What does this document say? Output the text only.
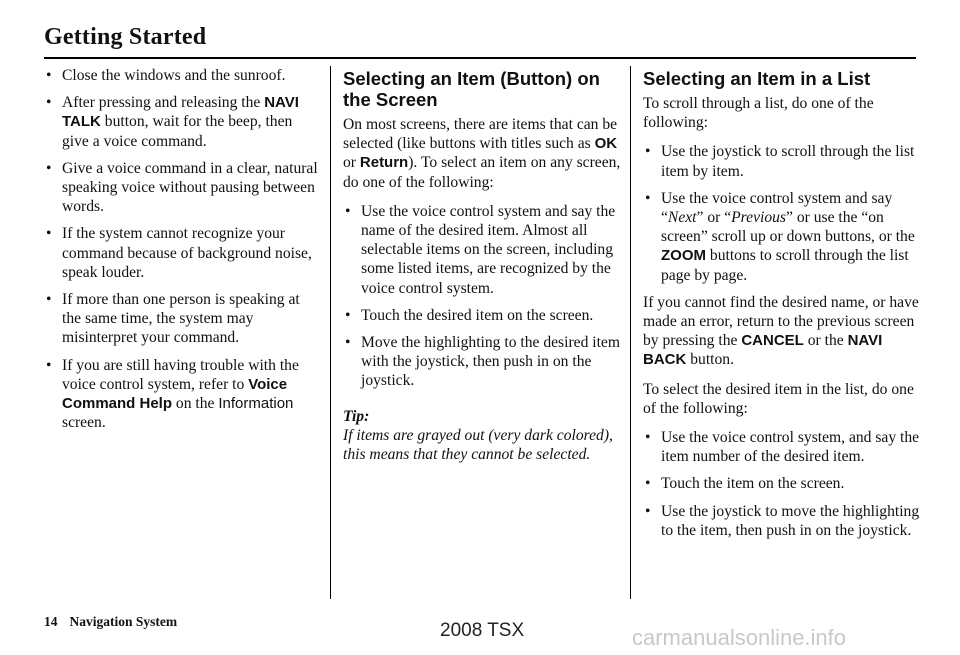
Getting Started
• Close the windows and the sunroof.
• After pressing and releasing the NAVI TALK button, wait for the beep, then give a voice command.
• Give a voice command in a clear, natural speaking voice without pausing between words.
• If the system cannot recognize your command because of background noise, speak louder.
• If more than one person is speaking at the same time, the system may misinterpret your command.
• If you are still having trouble with the voice control system, refer to Voice Command Help on the Information screen.
Selecting an Item (Button) on the Screen

On most screens, there are items that can be selected (like buttons with titles such as OK or Return). To select an item on any screen, do one of the following:

• Use the voice control system and say the name of the desired item. Almost all selectable items on the screen, including some listed items, are recognized by the voice control system.
• Touch the desired item on the screen.
• Move the highlighting to the desired item with the joystick, then push in on the joystick.

Tip:

If items are grayed out (very dark colored), this means that they cannot be selected.

Selecting an Item in a List

To scroll through a list, do one of the following:

• Use the joystick to scroll through the list item by item.
• Use the voice control system and say “Next” or “Previous” or use the “on screen” scroll up or down buttons, or the ZOOM buttons to scroll through the list page by page.

If you cannot find the desired name, or have made an error, return to the previous screen by pressing the CANCEL or the NAVI BACK button.

To select the desired item in the list, do one of the following:

• Use the voice control system, and say the item number of the desired item.
• Touch the item on the screen.
• Use the joystick to move the highlighting to the item, then push in on the joystick.
14 Navigation System	2008 TSX	carmanualsonline.info
